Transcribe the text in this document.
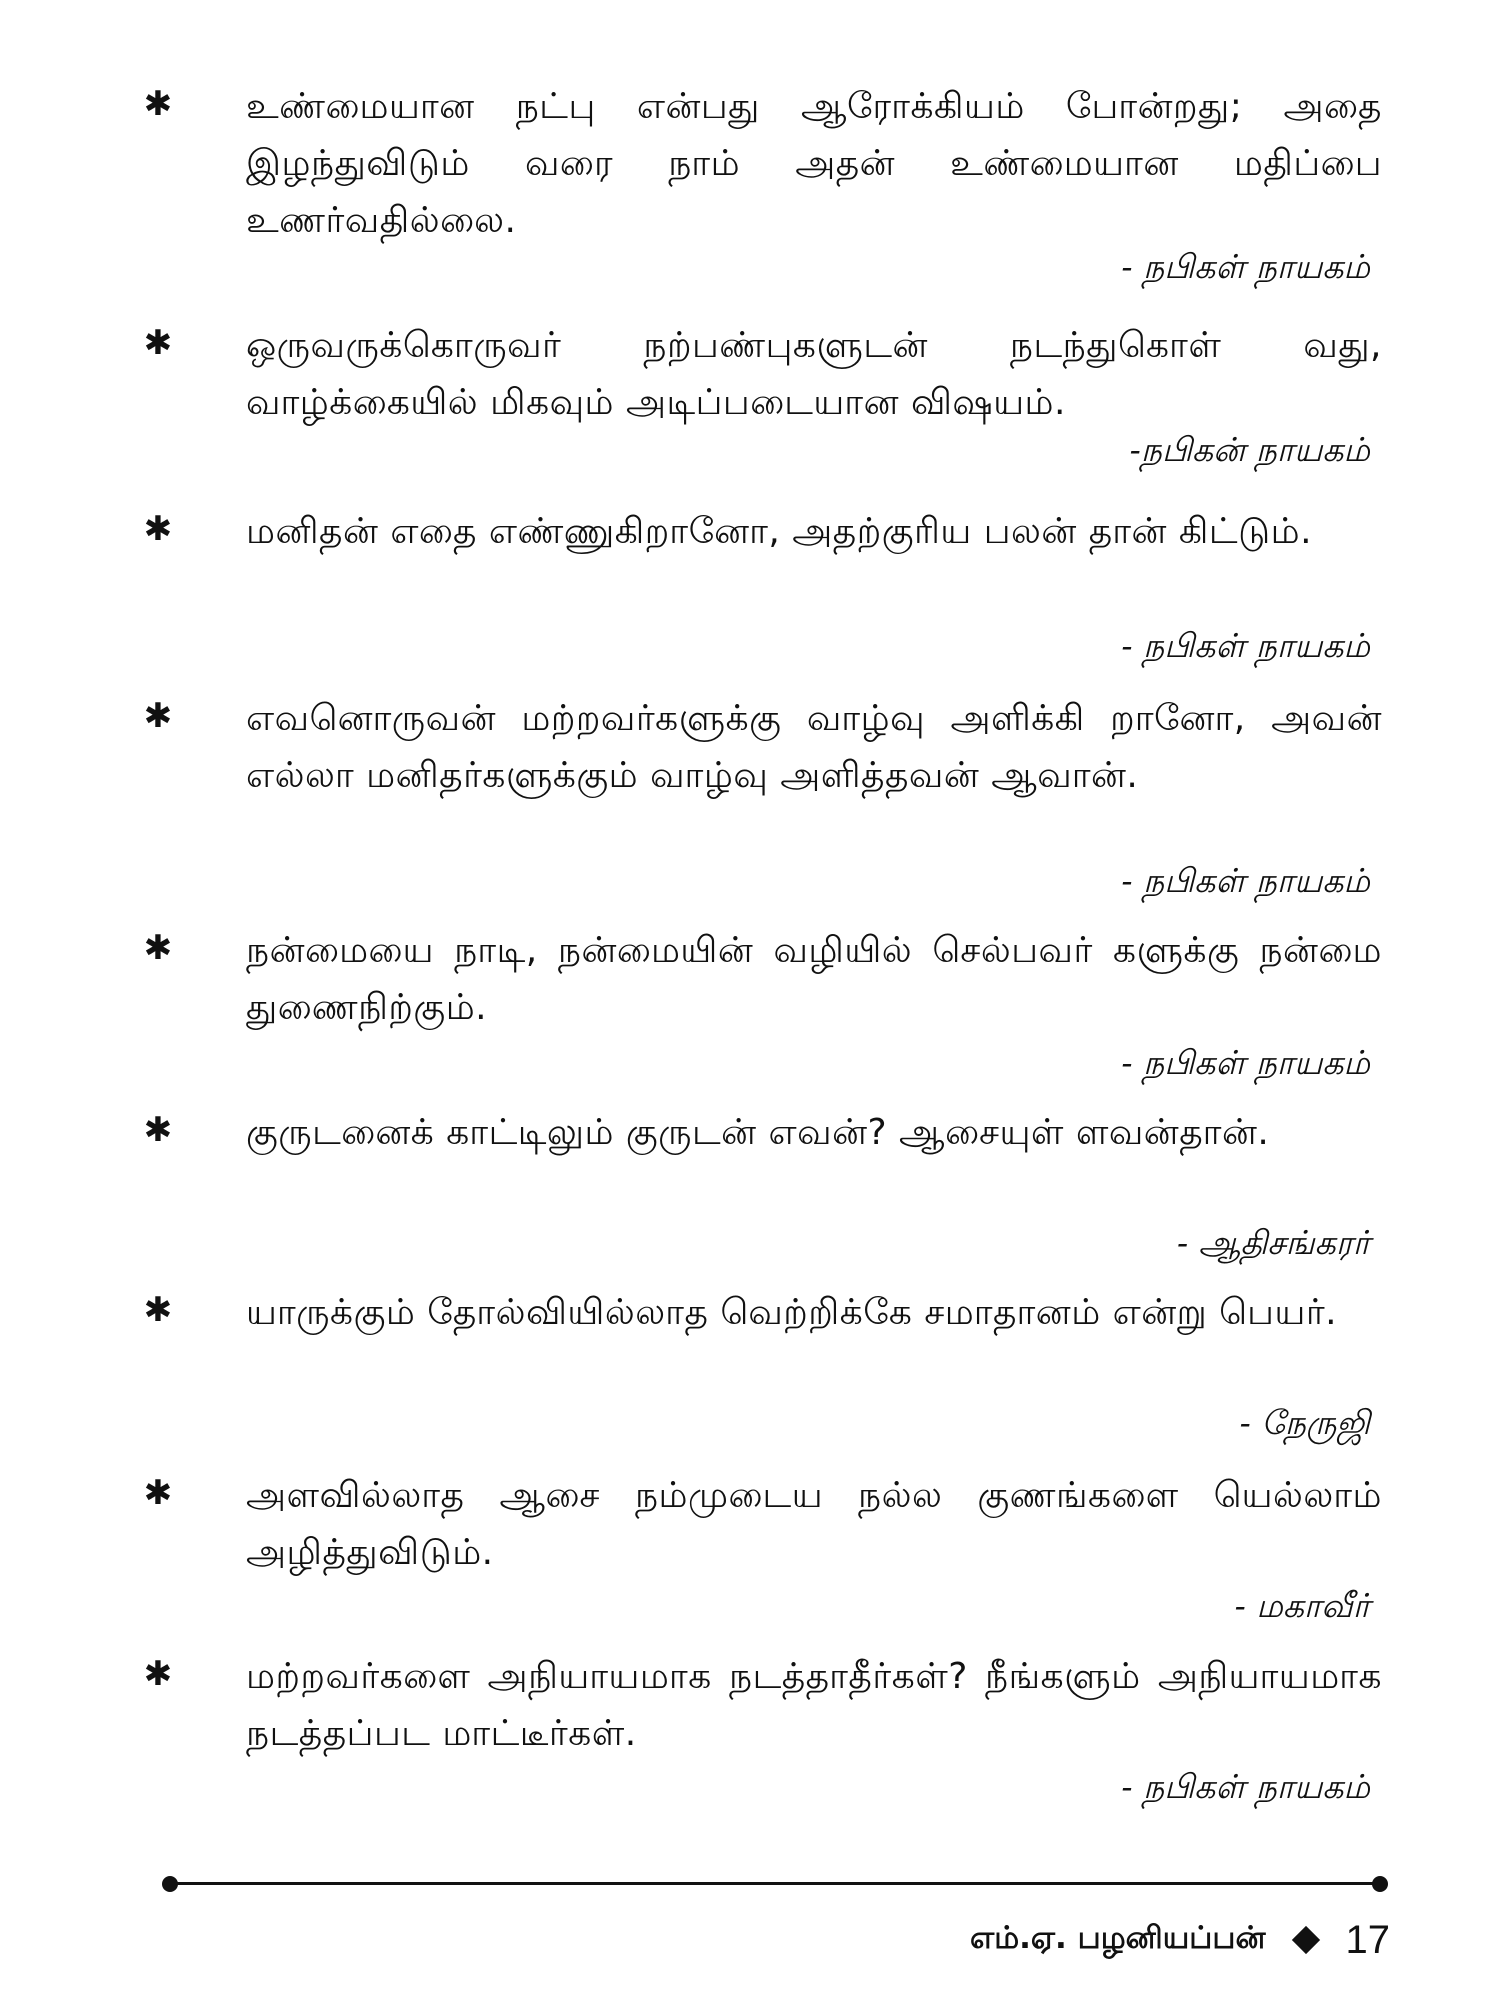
✱ உண்மையான நட்பு என்பது ஆரோக்கியம் போன்றது; அதை இழந்துவிடும் வரை நாம் அதன் உண்மையான மதிப்பை உணர்வதில்லை.
- நபிகள் நாயகம்
✱ ஒருவருக்கொருவர் நற்பண்புகளுடன் நடந்துகொள் வது, வாழ்க்கையில் மிகவும் அடிப்படையான விஷயம்.
-நபிகன் நாயகம்
✱ மனிதன் எதை எண்ணுகிறானோ, அதற்குரிய பலன் தான் கிட்டும்.
- நபிகள் நாயகம்
✱ எவனொருவன் மற்றவர்களுக்கு வாழ்வு அளிக்கி றானோ, அவன் எல்லா மனிதர்களுக்கும் வாழ்வு அளித்தவன் ஆவான்.
- நபிகள் நாயகம்
✱ நன்மையை நாடி, நன்மையின் வழியில் செல்பவர் களுக்கு நன்மை துணைநிற்கும்.
- நபிகள் நாயகம்
✱ குருடனைக் காட்டிலும் குருடன் எவன்? ஆசையுள் ளவன்தான்.
- ஆதிசங்கரர்
✱ யாருக்கும் தோல்வியில்லாத வெற்றிக்கே சமாதானம் என்று பெயர்.
- நேருஜி
✱ அளவில்லாத ஆசை நம்முடைய நல்ல குணங்களை யெல்லாம் அழித்துவிடும்.
- மகாவீர்
✱ மற்றவர்களை அநியாயமாக நடத்தாதீர்கள்? நீங்களும் அநியாயமாக நடத்தப்பட மாட்டீர்கள்.
- நபிகள் நாயகம்
எம்.ஏ. பழனியப்பன் 17
